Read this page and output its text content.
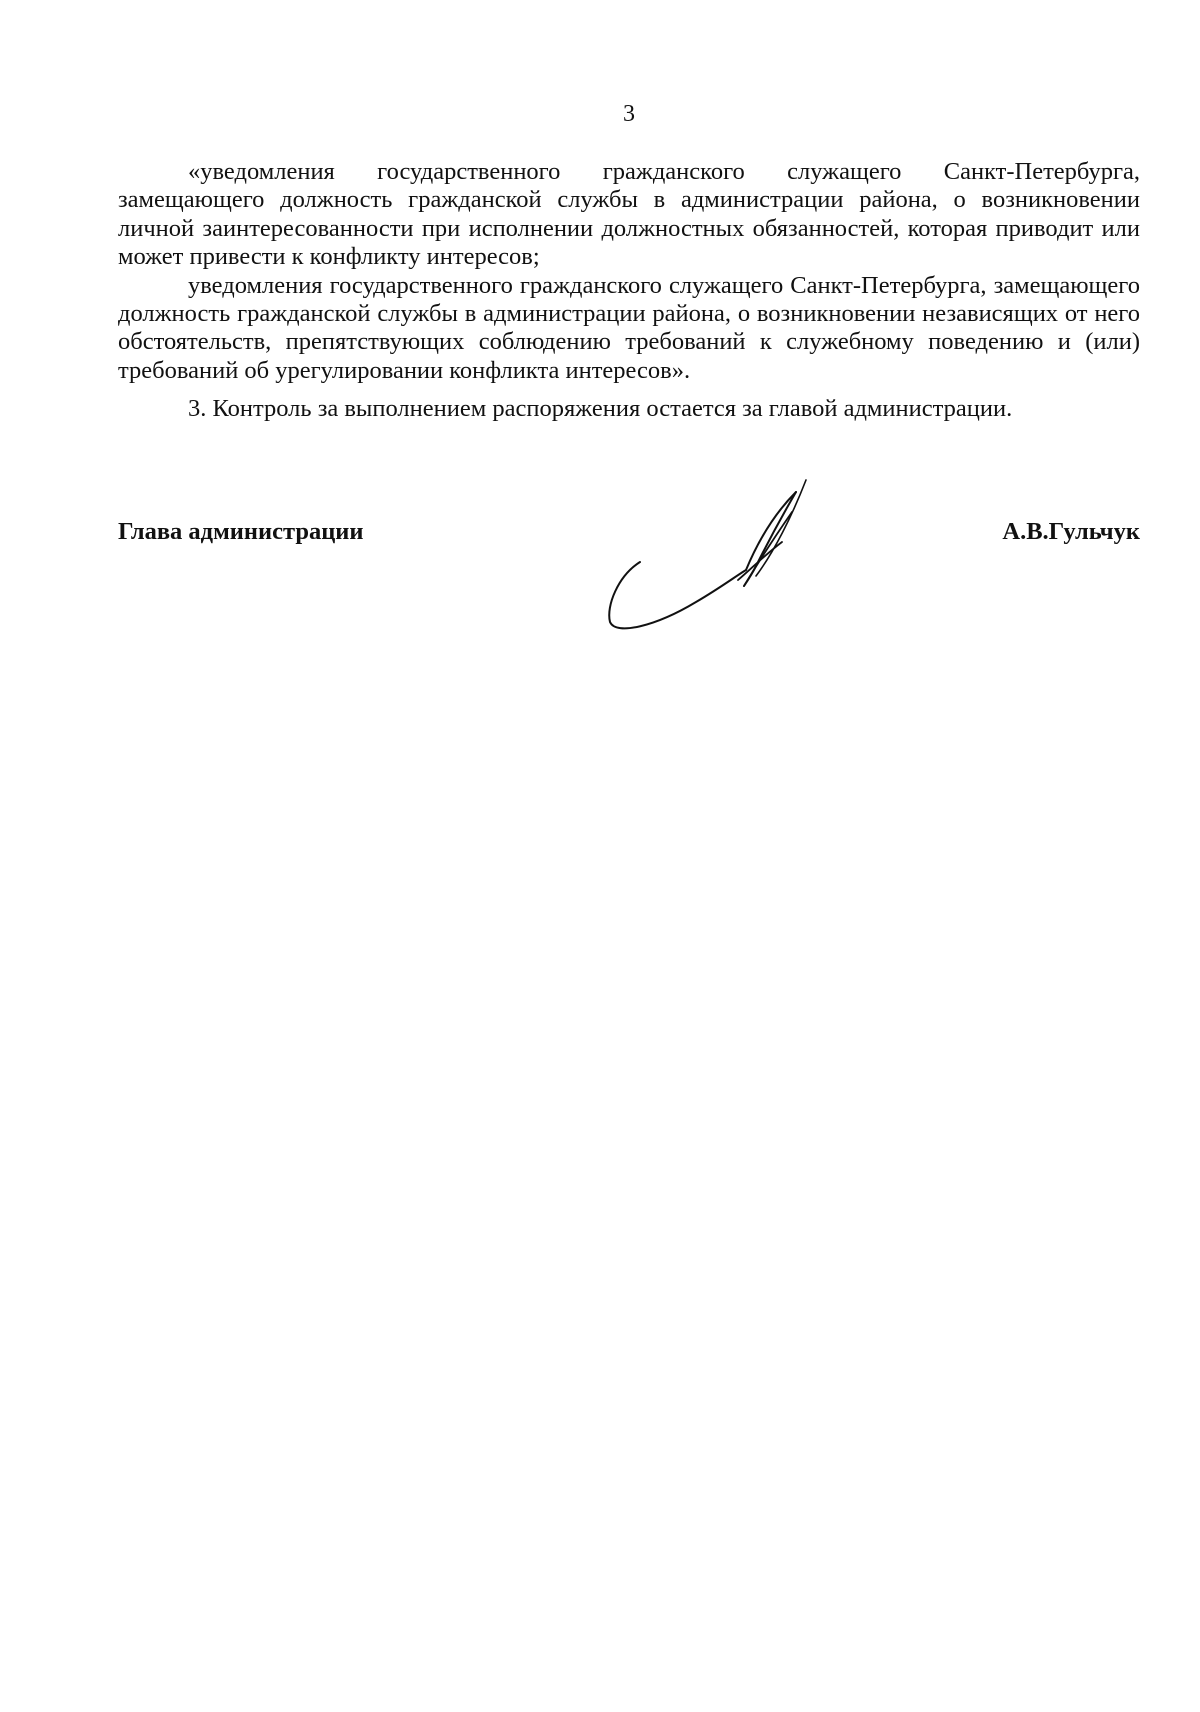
3

«уведомления государственного гражданского служащего Санкт-Петербурга, замещающего должность гражданской службы в администрации района, о возникновении личной заинтересованности при исполнении должностных обязанностей, которая приводит или может привести к конфликту интересов;

уведомления государственного гражданского служащего Санкт-Петербурга, замещающего должность гражданской службы в администрации района, о возникновении независящих от него обстоятельств, препятствующих соблюдению требований к служебному поведению и (или) требований об урегулировании конфликта интересов».

3. Контроль за выполнением распоряжения остается за главой администрации.

Глава администрации	А.В.Гульчук
